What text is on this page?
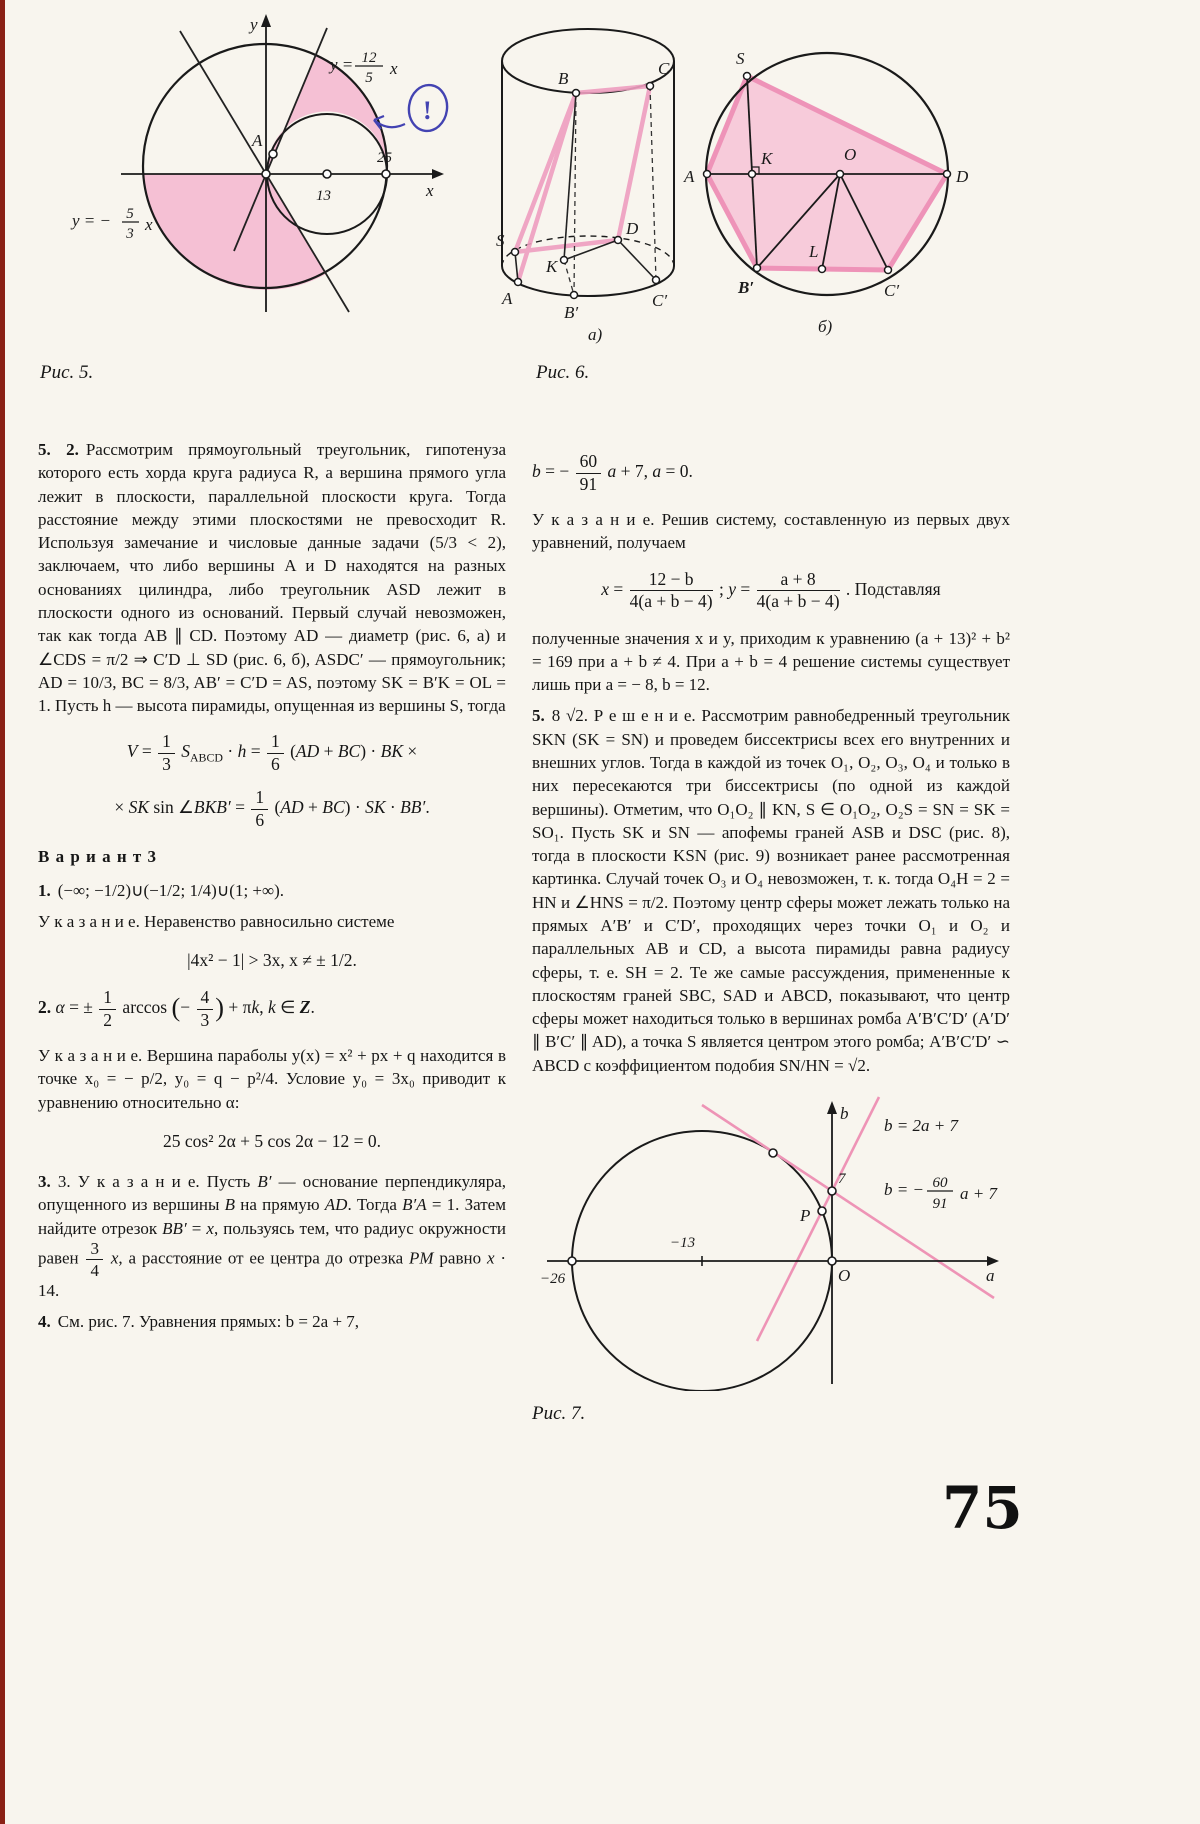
y
x
A
13
25
y = 12
5 x
y = − 5
3 x
!
Рис. 5.
B
C
S
D
K
A
B′
C′
а)
S
A
K	O
D
B′
L
C′
б)
Рис. 6.

5. 2. Рассмотрим прямоугольный треугольник, гипотенуза которого есть хорда круга радиуса R, а вершина прямого угла лежит в плоскости, параллельной плоскости круга. Тогда расстояние между этими плоскостями не превосходит R. Используя замечание и числовые данные задачи (5/3 < 2), заключаем, что либо вершины A и D находятся на разных основаниях цилиндра, либо треугольник ASD лежит в плоскости одного из оснований. Первый случай невозможен, так как тогда AB ∥ CD. Поэтому AD — диаметр (рис. 6, а) и ∠CDS = π/2 ⇒ C′D ⊥ SD (рис. 6, б), ASDC′ — прямоугольник; AD = 10/3, BC = 8/3, AB′ = C′D = AS, поэтому SK = B′K = OL = 1. Пусть h — высота пирамиды, опущенная из вершины S, тогда

$V = \frac{1}{3} S_{ABCD} \cdot h = \frac{1}{6} (AD + BC)$ · BK ×
× SK sin ∠BKB′ = $\frac{1}{6} (AD + BC)$ · SK · BB′.
В а р и а н т 3

1. (−∞; −1/2)∪(−1/2; 1/4)∪(1; +∞).

У к а з а н и е. Неравенство равносильно системе

|4x² − 1| > 3x, x ≠ ± 1/2.
2. α = ± $\frac{1}{2}$ arccos (− $\frac{4}{3}$ ) + πk, k ∈ Z.

У к а з а н и е. Вершина параболы y(x) = x² + px + q находится в точке x₀ = − p/2, y₀ = q − p²/4. Условие y₀ = 3x₀ приводит к уравнению относительно α:

25 cos² 2α + 5 cos 2α − 12 = 0.

3. 3. У к а з а н и е. Пусть B′ — основание перпендикуляра, опущенного из вершины B на прямую AD. Тогда B′A = 1. Затем найдите отрезок BB′ = x, пользуясь тем, что радиус окружности равен $\frac{3}{4} x$, а расстояние от ее центра до отрезка PM равно x · 14.

4. См. рис. 7. Уравнения прямых: b = 2a + 7,

b = − $\frac{60}{91}$ a + 7, a = 0.

У к а з а н и е. Решив систему, составленную из первых двух уравнений, получаем

$x = \frac{12 - b}{4(a + b - 4)}$ ; $y = \frac{a + 8}{4(a + b - 4)}$ . Подставляя

полученные значения x и y, приходим к уравнению (a + 13)² + b² = 169 при a + b ≠ 4. При a + b = 4 решение системы существует лишь при a = − 8, b = 12.

5. 8 √2. Р е ш е н и е. Рассмотрим равнобедренный треугольник SKN (SK = SN) и проведем биссектрисы всех его внутренних и внешних углов. Тогда в каждой из точек O₁, O₂, O₃, O₄ и только в них пересекаются три биссектрисы (по одной из каждой вершины). Отметим, что O₁O₂ ∥ KN, S ∈ O₁O₂, O₂S = SN = SK = SO₁. Пусть SK и SN — апофемы граней ASB и DSC (рис. 8), тогда в плоскости KSN (рис. 9) возникает ранее рассмотренная картинка. Случай точек O₃ и O₄ невозможен, т. к. тогда O₄H = 2 = HN и ∠HNS = π/2. Поэтому центр сферы может лежать только на прямых A′B′ и C′D′, проходящих через точки O₁ и O₂ и параллельных AB и CD, а высота пирамиды равна радиусу сферы, т. е. SH = 2. Те же самые рассуждения, примененные к плоскостям граней SBC, SAD и ABCD, показывают, что центр сферы может находиться только в вершинах ромба A′B′C′D′ (A′D′ ∥ B′C′ ∥ AD), а точка S является центром этого ромба; A′B′C′D′ ∽ ABCD с коэффициентом подобия SN/HN = √2.

a
b
O
−26
−13
7
P
b = 2a + 7
b = − 60
91
a + 7
Рис. 7.
75
